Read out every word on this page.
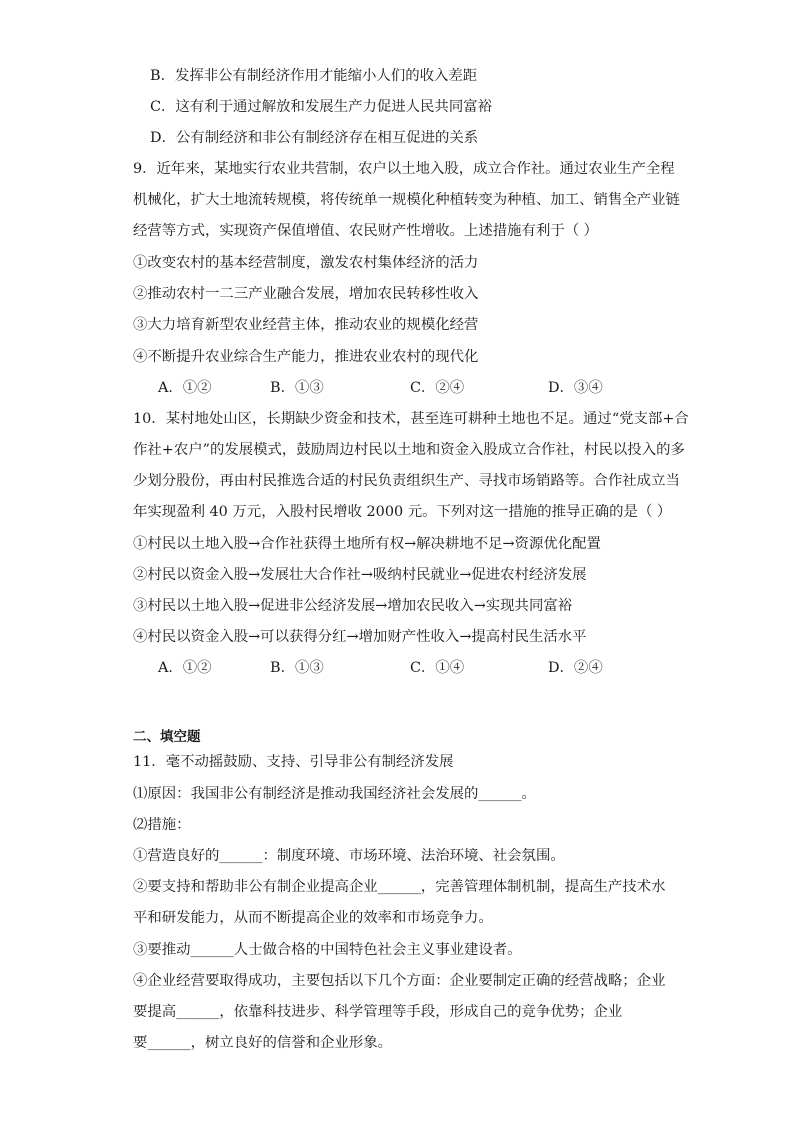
B．发挥非公有制经济作用才能缩小人们的收入差距
C．这有利于通过解放和发展生产力促进人民共同富裕
D．公有制经济和非公有制经济存在相互促进的关系
9．近年来，某地实行农业共营制，农户以土地入股，成立合作社。通过农业生产全程
机械化，扩大土地流转规模，将传统单一规模化种植转变为种植、加工、销售全产业链
经营等方式，实现资产保值增值、农民财产性增收。上述措施有利于（ ）
①改变农村的基本经营制度，激发农村集体经济的活力
②推动农村一二三产业融合发展，增加农民转移性收入
③大力培育新型农业经营主体，推动农业的规模化经营
④不断提升农业综合生产能力，推进农业农村的现代化
A．①②	B．①③	C．②④	D．③④
10．某村地处山区，长期缺少资金和技术，甚至连可耕种土地也不足。通过“党支部+合
作社+农户”的发展模式，鼓励周边村民以土地和资金入股成立合作社，村民以投入的多
少划分股份，再由村民推选合适的村民负责组织生产、寻找市场销路等。合作社成立当
年实现盈利 40 万元，入股村民增收 2000 元。下列对这一措施的推导正确的是（ ）
①村民以土地入股→合作社获得土地所有权→解决耕地不足→资源优化配置
②村民以资金入股→发展壮大合作社→吸纳村民就业→促进农村经济发展
③村民以土地入股→促进非公经济发展→增加农民收入→实现共同富裕
④村民以资金入股→可以获得分红→增加财产性收入→提高村民生活水平
A．①②	B．①③	C．①④	D．②④
二、填空题
11．毫不动摇鼓励、支持、引导非公有制经济发展
⑴原因：我国非公有制经济是推动我国经济社会发展的______。
⑵措施：
①营造良好的______：制度环境、市场环境、法治环境、社会氛围。
②要支持和帮助非公有制企业提高企业______，完善管理体制机制，提高生产技术水
平和研发能力，从而不断提高企业的效率和市场竞争力。
③要推动______人士做合格的中国特色社会主义事业建设者。
④企业经营要取得成功，主要包括以下几个方面：企业要制定正确的经营战略；企业
要提高______，依靠科技进步、科学管理等手段，形成自己的竞争优势；企业
要______，树立良好的信誉和企业形象。
